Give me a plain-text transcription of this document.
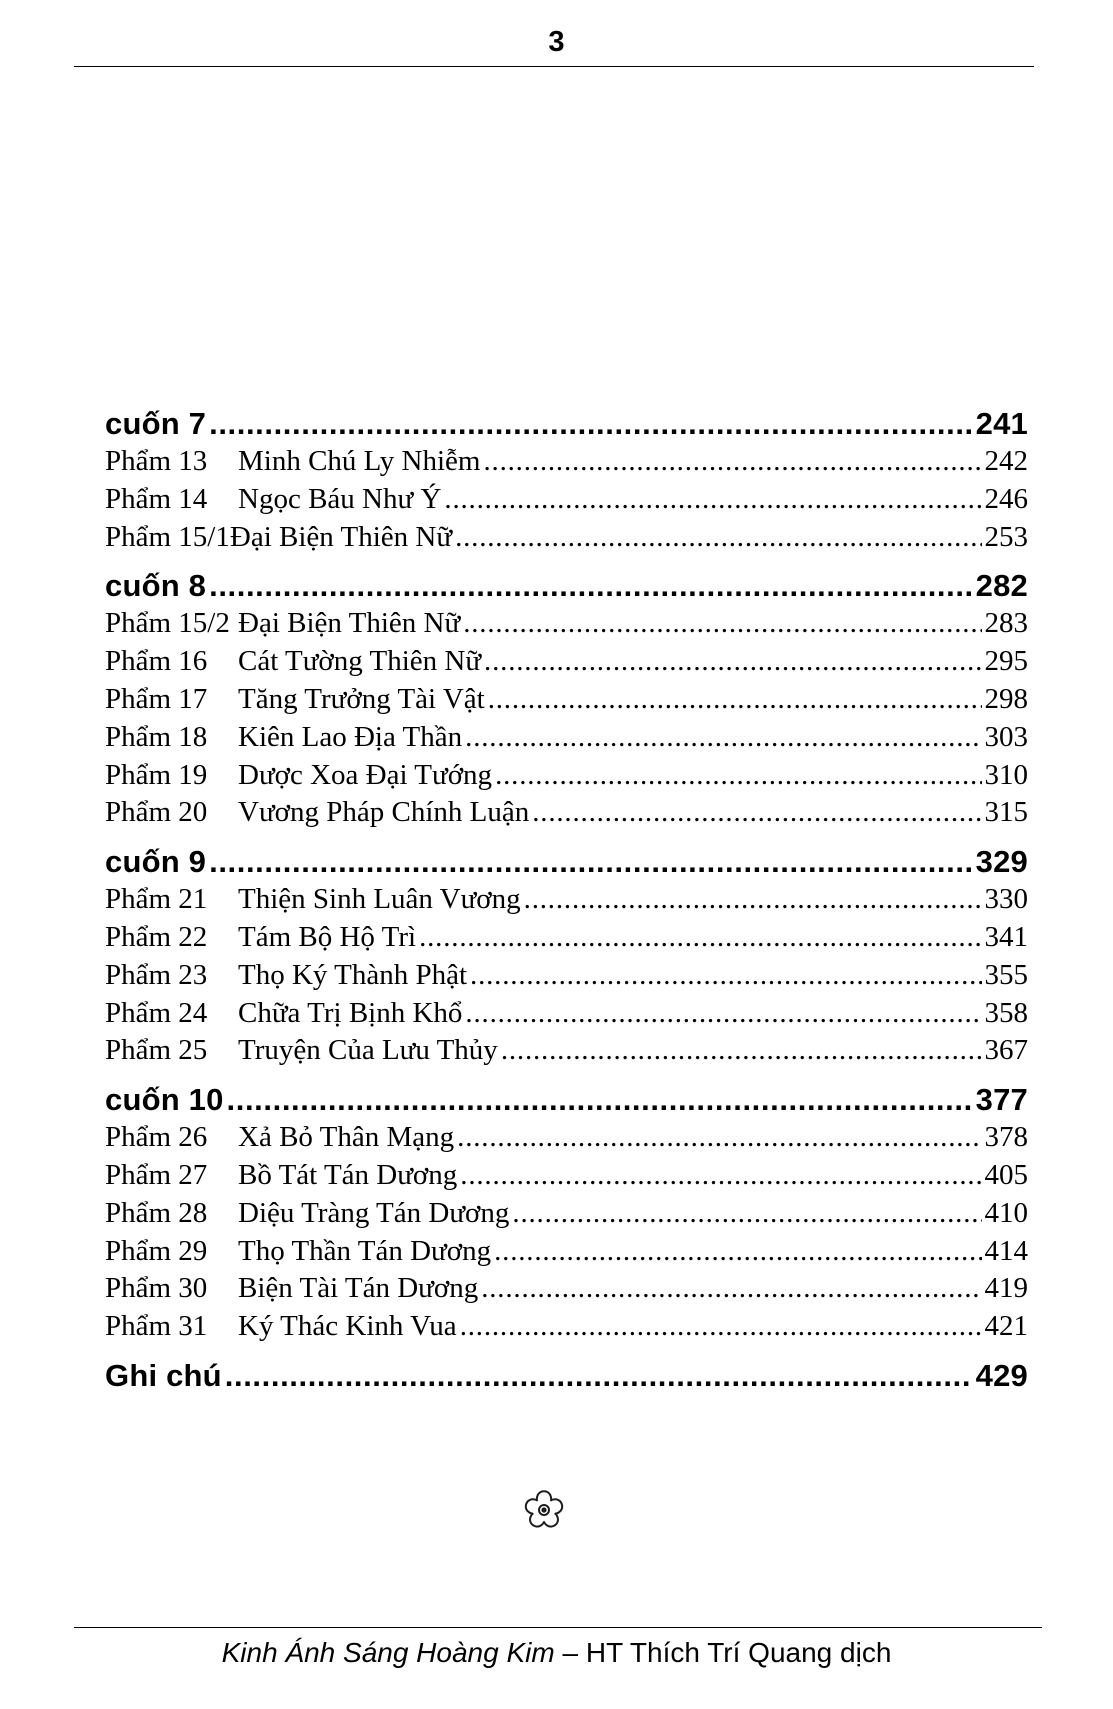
3
cuốn 7 .....	241
Phẩm 13	Minh Chú Ly Nhiễm .....	242
Phẩm 14	Ngọc Báu Như Ý .....	246
Phẩm 15/1 Đại Biện Thiên Nữ .....	253
cuốn 8 .....	282
Phẩm 15/2 Đại Biện Thiên Nữ .....	283
Phẩm 16	Cát Tường Thiên Nữ .....	295
Phẩm 17	Tăng Trưởng Tài Vật .....	298
Phẩm 18	Kiên Lao Địa Thần .....	303
Phẩm 19	Dược Xoa Đại Tướng .....	310
Phẩm 20	Vương Pháp Chính Luận .....	315
cuốn 9 .....	329
Phẩm 21	Thiện Sinh Luân Vương .....	330
Phẩm 22	Tám Bộ Hộ Trì .....	341
Phẩm 23	Thọ Ký Thành Phật .....	355
Phẩm 24	Chữa Trị Bịnh Khổ .....	358
Phẩm 25	Truyện Của Lưu Thủy .....	367
cuốn 10 .....	377
Phẩm 26	Xả Bỏ Thân Mạng .....	378
Phẩm 27	Bồ Tát Tán Dương .....	405
Phẩm 28	Diệu Tràng Tán Dương .....	410
Phẩm 29	Thọ Thần Tán Dương .....	414
Phẩm 30	Biện Tài Tán Dương .....	419
Phẩm 31	Ký Thác Kinh Vua .....	421
Ghi chú .....	429
Kinh Ánh Sáng Hoàng Kim – HT Thích Trí Quang dịch
